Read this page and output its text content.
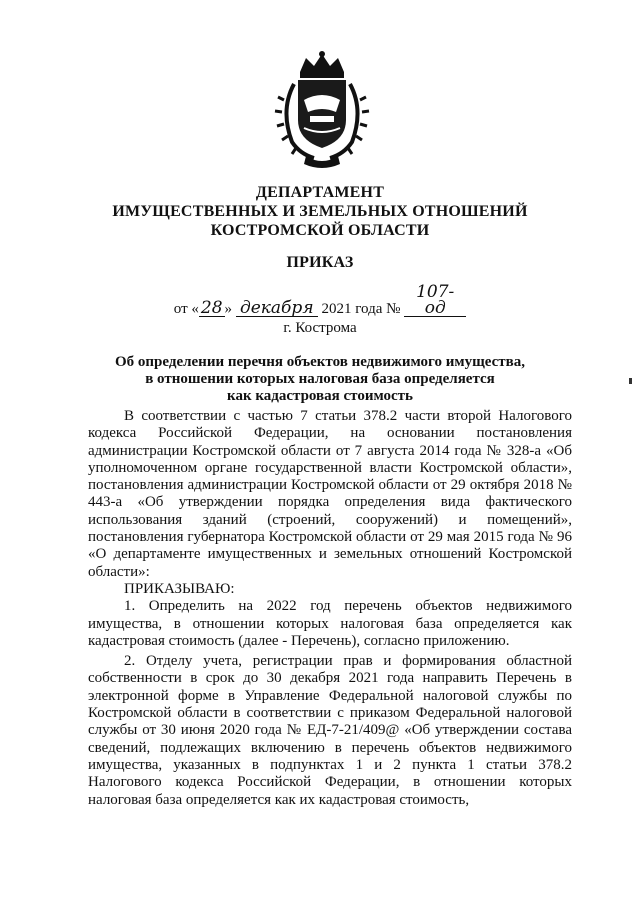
ДЕПАРТАМЕНТ
ИМУЩЕСТВЕННЫХ И ЗЕМЕЛЬНЫХ ОТНОШЕНИЙ
КОСТРОМСКОЙ ОБЛАСТИ
ПРИКАЗ
от « 28 » декабря 2021 года № 107-од
г. Кострома
Об определении перечня объектов недвижимого имущества,
в отношении которых налоговая база определяется
как кадастровая стоимость

В соответствии с частью 7 статьи 378.2 части второй Налогового кодекса Российской Федерации, на основании постановления администрации Костромской области от 7 августа 2014 года № 328-а «Об уполномоченном органе государственной власти Костромской области», постановления администрации Костромской области от 29 октября 2018 № 443-а «Об утверждении порядка определения вида фактического использования зданий (строений, сооружений) и помещений», постановления губернатора Костромской области от 29 мая 2015 года № 96 «О департаменте имущественных и земельных отношений Костромской области»:

ПРИКАЗЫВАЮ:

1. Определить на 2022 год перечень объектов недвижимого имущества, в отношении которых налоговая база определяется как кадастровая стоимость (далее - Перечень), согласно приложению.

2. Отделу учета, регистрации прав и формирования областной собственности в срок до 30 декабря 2021 года направить Перечень в электронной форме в Управление Федеральной налоговой службы по Костромской области в соответствии с приказом Федеральной налоговой службы от 30 июня 2020 года № ЕД-7-21/409@ «Об утверждении состава сведений, подлежащих включению в перечень объектов недвижимого имущества, указанных в подпунктах 1 и 2 пункта 1 статьи 378.2 Налогового кодекса Российской Федерации, в отношении которых налоговая база определяется как их кадастровая стоимость,
